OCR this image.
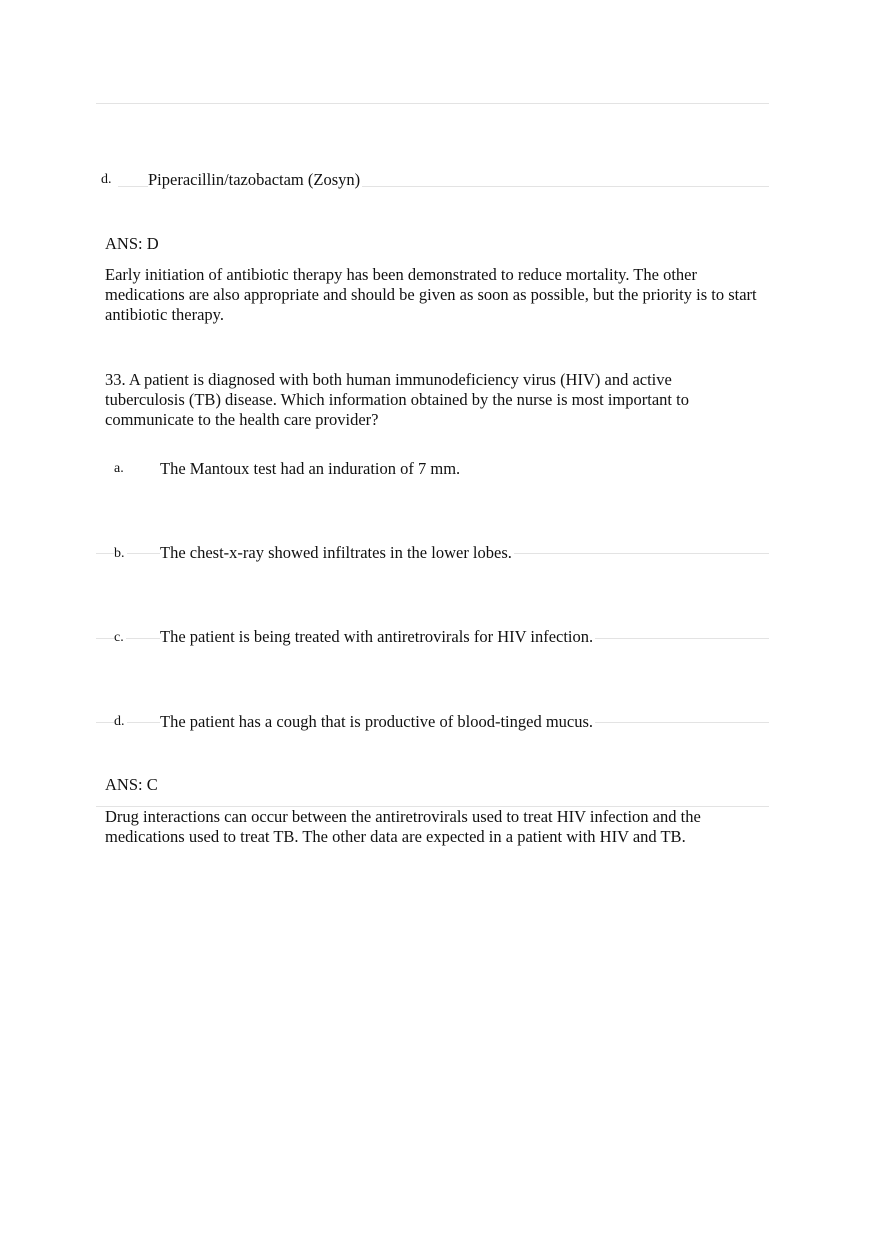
d. Piperacillin/tazobactam (Zosyn)
ANS: D
Early initiation of antibiotic therapy has been demonstrated to reduce mortality. The other medications are also appropriate and should be given as soon as possible, but the priority is to start antibiotic therapy.
33. A patient is diagnosed with both human immunodeficiency virus (HIV) and active tuberculosis (TB) disease. Which information obtained by the nurse is most important to communicate to the health care provider?
a. The Mantoux test had an induration of 7 mm.
b. The chest-x-ray showed infiltrates in the lower lobes.
c. The patient is being treated with antiretrovirals for HIV infection.
d. The patient has a cough that is productive of blood-tinged mucus.
ANS: C
Drug interactions can occur between the antiretrovirals used to treat HIV infection and the medications used to treat TB. The other data are expected in a patient with HIV and TB.
